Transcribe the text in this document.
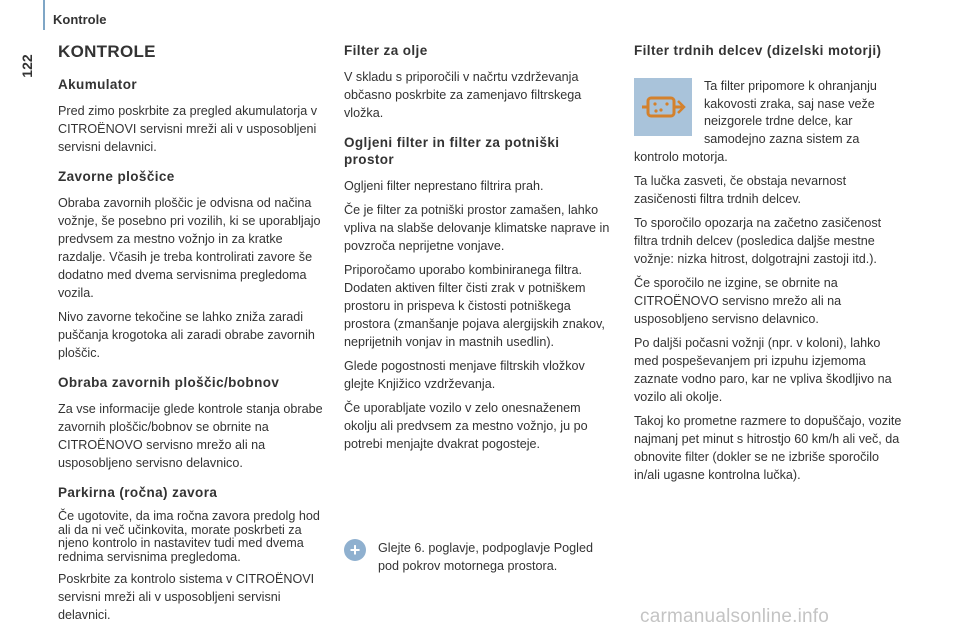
Kontrole
122
KONTROLE
Akumulator

Pred zimo poskrbite za pregled akumulatorja v CITROËNOVI servisni mreži ali v usposobljeni servisni delavnici.

Zavorne ploščice

Obraba zavornih ploščic je odvisna od načina vožnje, še posebno pri vozilih, ki se uporabljajo predvsem za mestno vožnjo in za kratke razdalje. Včasih je treba kontrolirati zavore še dodatno med dvema servisnima pregledoma vozila.

Nivo zavorne tekočine se lahko zniža zaradi puščanja krogotoka ali zaradi obrabe zavornih ploščic.

Obraba zavornih ploščic/bobnov

Za vse informacije glede kontrole stanja obrabe zavornih ploščic/bobnov se obrnite na CITROËNOVO servisno mrežo ali na usposobljeno servisno delavnico.

Parkirna (ročna) zavora

Če ugotovite, da ima ročna zavora predolg hod ali da ni več učinkovita, morate poskrbeti za njeno kontrolo in nastavitev tudi med dvema rednima servisnima pregledoma.

Poskrbite za kontrolo sistema v CITROËNOVI servisni mreži ali v usposobljeni servisni delavnici.

Filter za olje

V skladu s priporočili v načrtu vzdrževanja občasno poskrbite za zamenjavo filtrskega vložka.

Ogljeni filter in filter za potniški prostor

Ogljeni filter neprestano filtrira prah.

Če je filter za potniški prostor zamašen, lahko vpliva na slabše delovanje klimatske naprave in povzroča neprijetne vonjave.

Priporočamo uporabo kombiniranega filtra. Dodaten aktiven filter čisti zrak v potniškem prostoru in prispeva k čistosti potniškega prostora (zmanšanje pojava alergijskih znakov, neprijetnih vonjav in mastnih usedlin).

Glede pogostnosti menjave filtrskih vložkov glejte Knjižico vzdrževanja.

Če uporabljate vozilo v zelo onesnaženem okolju ali predvsem za mestno vožnjo, ju po potrebi menjajte dvakrat pogosteje.

+	Glejte 6. poglavje, podpoglavje Pogled pod pokrov motornega prostora.
Filter trdnih delcev (dizelski motorji)

Ta filter pripomore k ohranjanju kakovosti zraka, saj nase veže neizgorele trdne delce, kar samodejno zazna sistem za

kontrolo motorja.

Ta lučka zasveti, če obstaja nevarnost zasičenosti filtra trdnih delcev.

To sporočilo opozarja na začetno zasičenost filtra trdnih delcev (posledica daljše mestne vožnje: nizka hitrost, dolgotrajni zastoji itd.).

Če sporočilo ne izgine, se obrnite na CITROËNOVO servisno mrežo ali na usposobljeno servisno delavnico.

Po daljši počasni vožnji (npr. v koloni), lahko med pospeševanjem pri izpuhu izjemoma zaznate vodno paro, kar ne vpliva škodljivo na vozilo ali okolje.

Takoj ko prometne razmere to dopuščajo, vozite najmanj pet minut s hitrostjo 60 km/h ali več, da obnovite filter (dokler se ne izbriše sporočilo in/ali ugasne kontrolna lučka).

carmanualsonline.info
